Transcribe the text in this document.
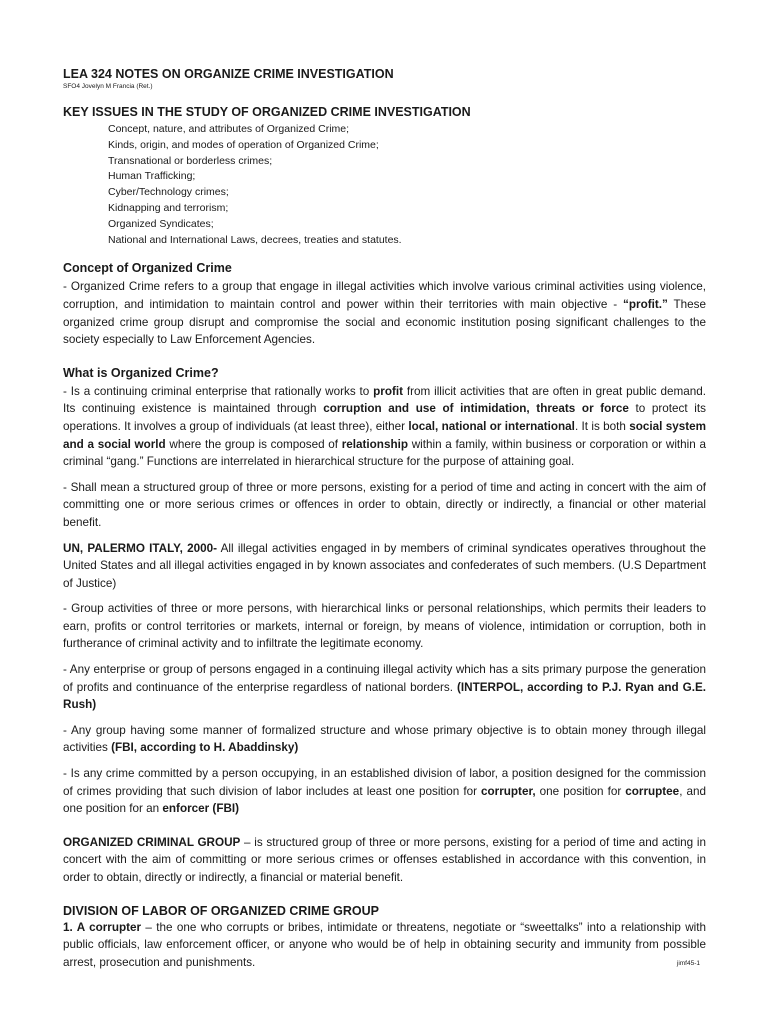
LEA 324 NOTES ON ORGANIZE CRIME INVESTIGATION
SFO4 Jovelyn M Francia (Ret.)
KEY ISSUES IN THE STUDY OF ORGANIZED CRIME INVESTIGATION
Concept, nature, and attributes of Organized Crime;
Kinds, origin, and modes of operation of Organized Crime;
Transnational or borderless crimes;
Human Trafficking;
Cyber/Technology crimes;
Kidnapping and terrorism;
Organized Syndicates;
National and International Laws, decrees, treaties and statutes.
Concept of Organized Crime

- Organized Crime refers to a group that engage in illegal activities which involve various criminal activities using violence, corruption, and intimidation to maintain control and power within their territories with main objective - “profit.” These organized crime group disrupt and compromise the social and economic institution posing significant challenges to the society especially to Law Enforcement Agencies.

What is Organized Crime?

- Is a continuing criminal enterprise that rationally works to profit from illicit activities that are often in great public demand. Its continuing existence is maintained through corruption and use of intimidation, threats or force to protect its operations. It involves a group of individuals (at least three), either local, national or international. It is both social system and a social world where the group is composed of relationship within a family, within business or corporation or within a criminal “gang.” Functions are interrelated in hierarchical structure for the purpose of attaining goal.

- Shall mean a structured group of three or more persons, existing for a period of time and acting in concert with the aim of committing one or more serious crimes or offences in order to obtain, directly or indirectly, a financial or other material benefit.

UN, PALERMO ITALY, 2000- All illegal activities engaged in by members of criminal syndicates operatives throughout the United States and all illegal activities engaged in by known associates and confederates of such members. (U.S Department of Justice)

- Group activities of three or more persons, with hierarchical links or personal relationships, which permits their leaders to earn, profits or control territories or markets, internal or foreign, by means of violence, intimidation or corruption, both in furtherance of criminal activity and to infiltrate the legitimate economy.

- Any enterprise or group of persons engaged in a continuing illegal activity which has a sits primary purpose the generation of profits and continuance of the enterprise regardless of national borders. (INTERPOL, according to P.J. Ryan and G.E. Rush)

- Any group having some manner of formalized structure and whose primary objective is to obtain money through illegal activities (FBI, according to H. Abaddinsky)

- Is any crime committed by a person occupying, in an established division of labor, a position designed for the commission of crimes providing that such division of labor includes at least one position for corrupter, one position for corruptee, and one position for an enforcer (FBI)

ORGANIZED CRIMINAL GROUP – is structured group of three or more persons, existing for a period of time and acting in concert with the aim of committing or more serious crimes or offenses established in accordance with this convention, in order to obtain, directly or indirectly, a financial or material benefit.

DIVISION OF LABOR OF ORGANIZED CRIME GROUP

1. A corrupter – the one who corrupts or bribes, intimidate or threatens, negotiate or “sweettalks” into a relationship with public officials, law enforcement officer, or anyone who would be of help in obtaining security and immunity from possible arrest, prosecution and punishments.	jimf45-1
